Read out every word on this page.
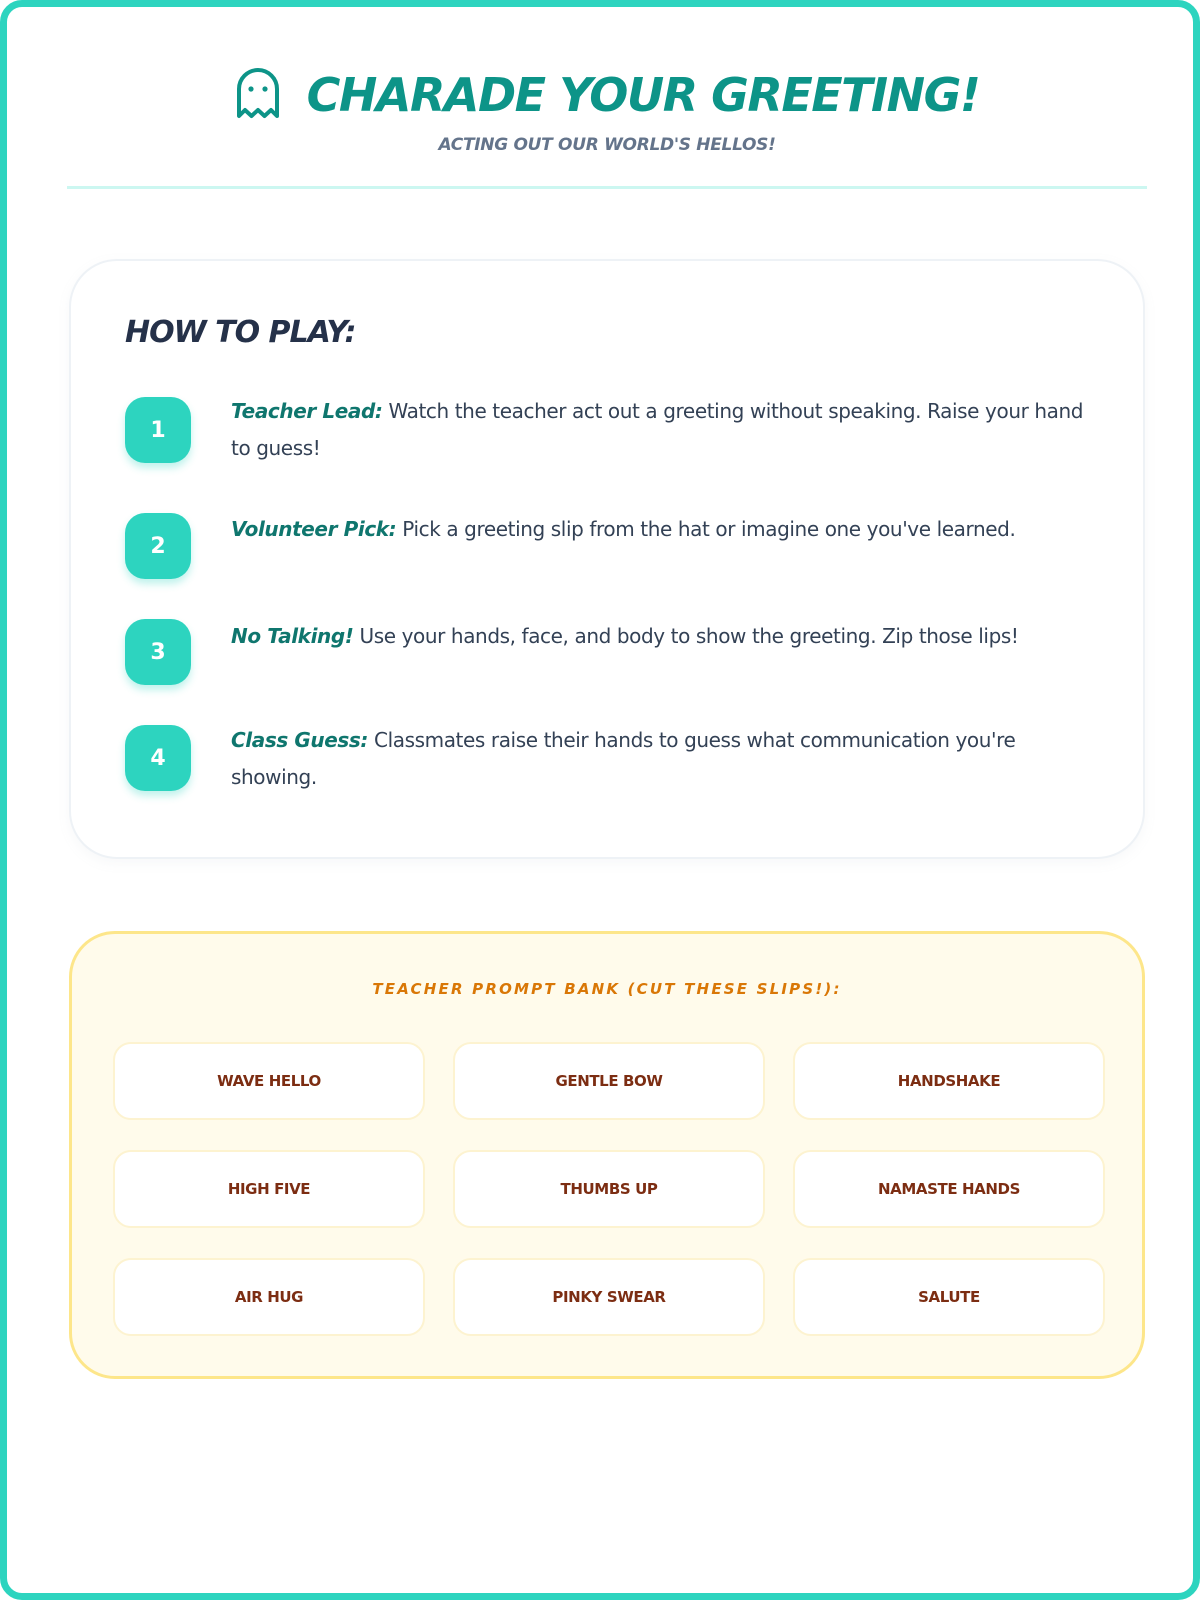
CHARADE YOUR GREETING!
ACTING OUT OUR WORLD'S HELLOS!
HOW TO PLAY:
1
Teacher Lead: Watch the teacher act out a greeting without speaking. Raise your hand to guess!
2
Volunteer Pick: Pick a greeting slip from the hat or imagine one you've learned.
3
No Talking! Use your hands, face, and body to show the greeting. Zip those lips!
4
Class Guess: Classmates raise their hands to guess what communication you're showing.
TEACHER PROMPT BANK (CUT THESE SLIPS!):
WAVE HELLO	GENTLE BOW	HANDSHAKE
HIGH FIVE	THUMBS UP	NAMASTE HANDS
AIR HUG	PINKY SWEAR	SALUTE
